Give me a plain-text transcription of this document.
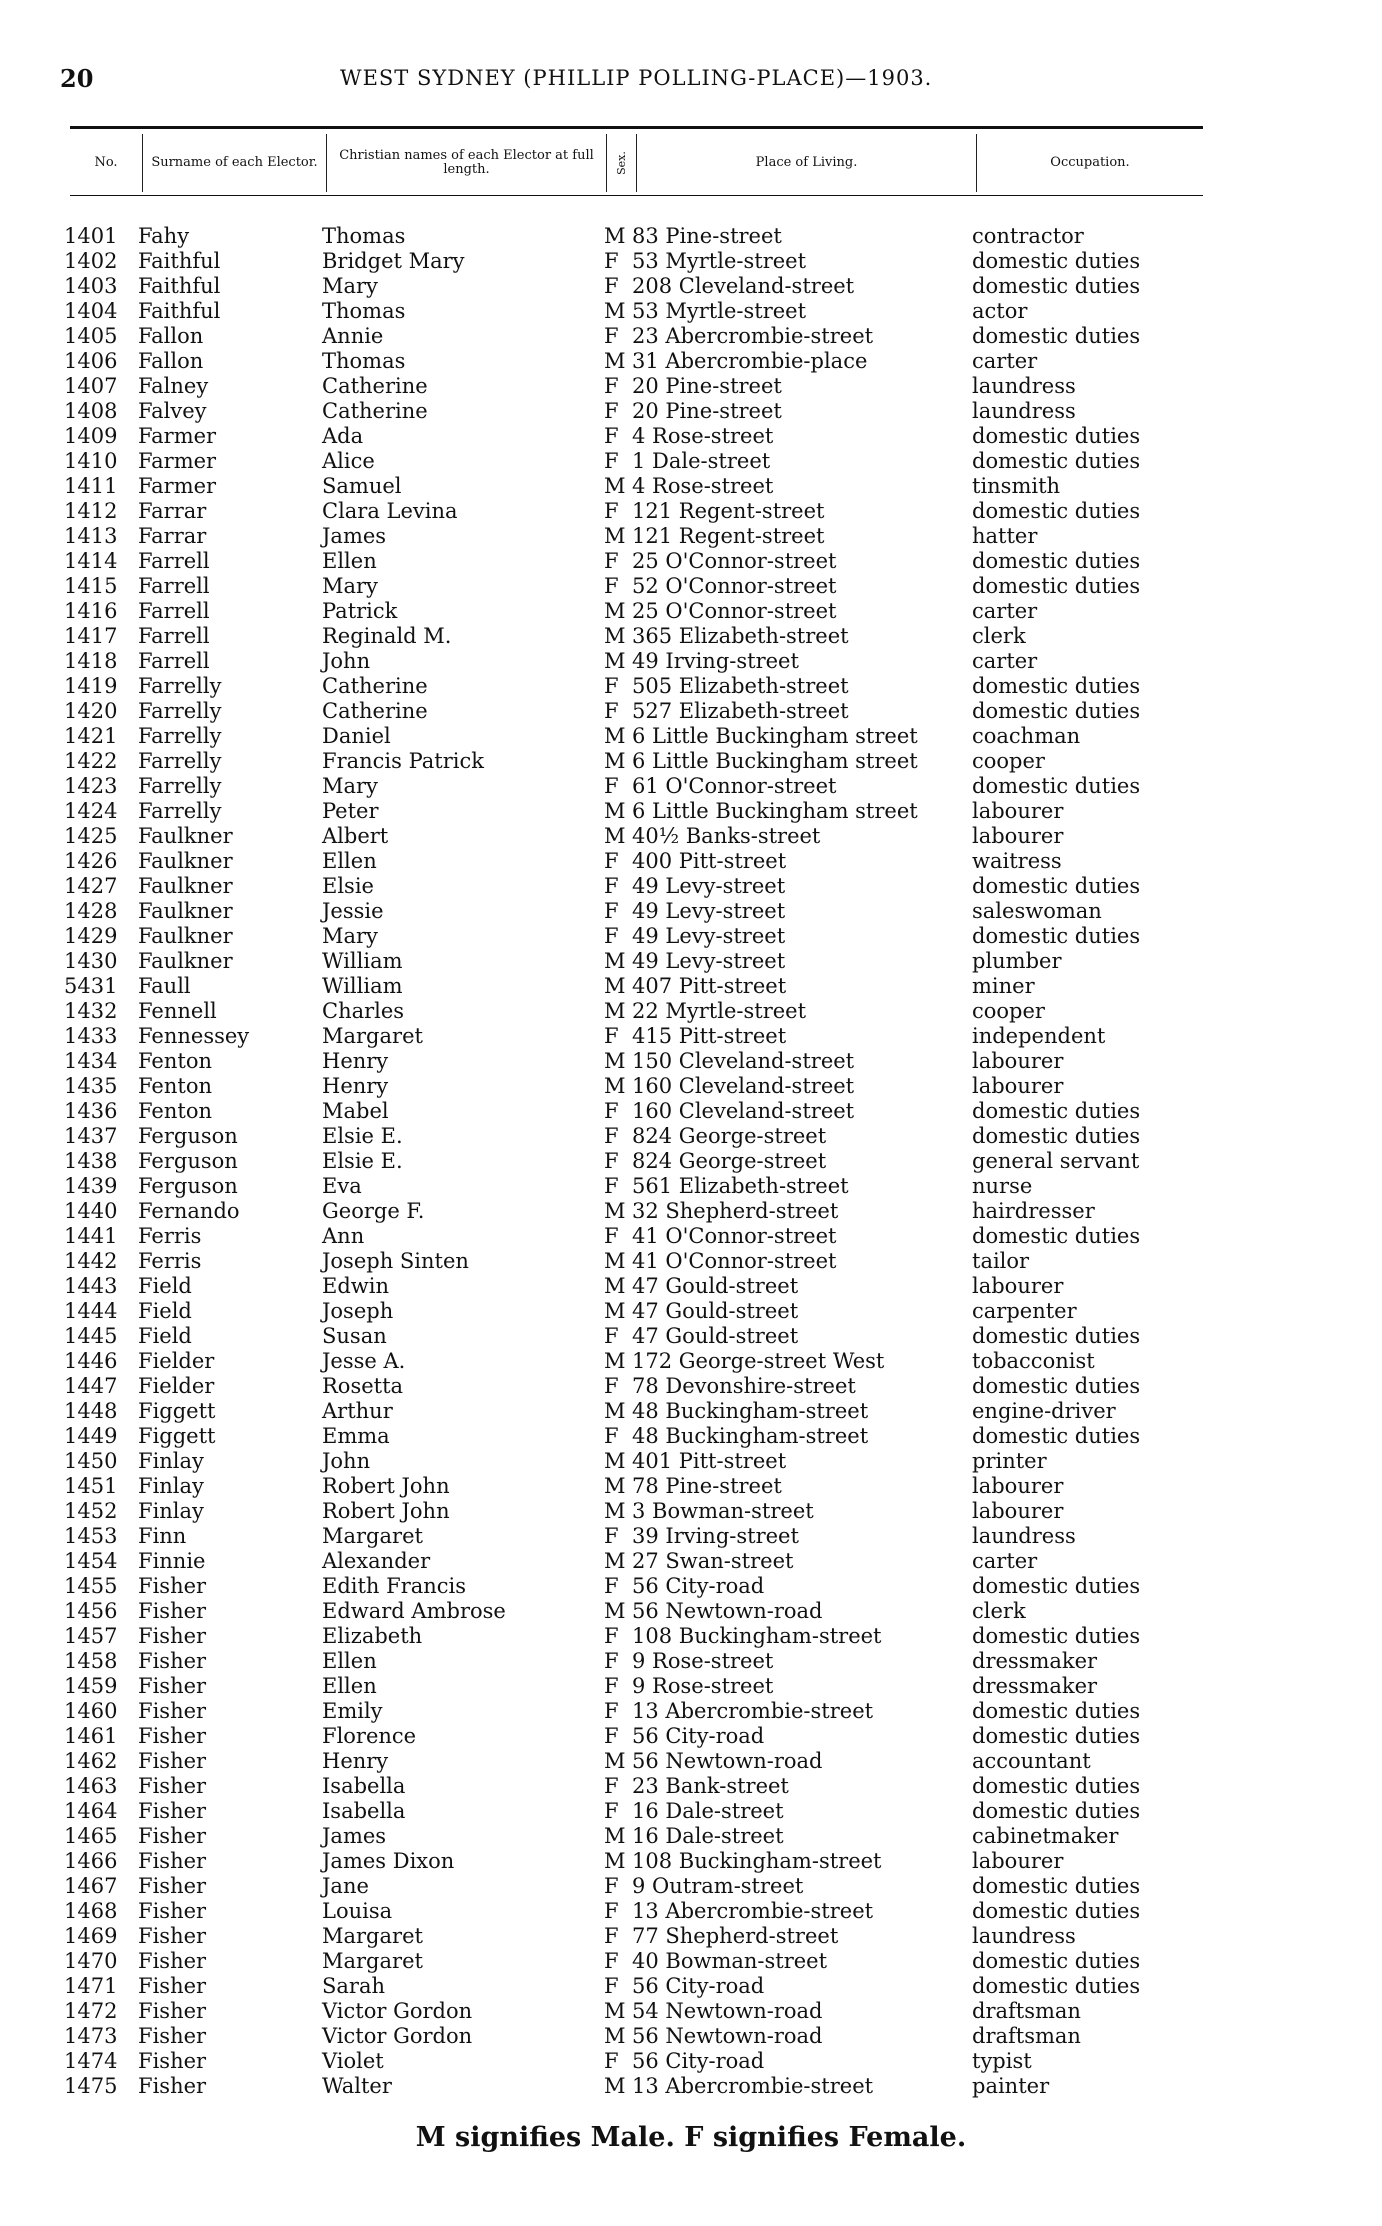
20	WEST SYDNEY (PHILLIP POLLING-PLACE)—1903.
No.	Surname of each Elector.	Christian names of each Elector at full length.	Sex.	Place of Living.	Occupation.
1401 Fahy	Thomas	M 83 Pine-street	contractor
1402 Faithful	Bridget Mary	F 53 Myrtle-street	domestic duties
1403 Faithful	Mary	F 208 Cleveland-street	domestic duties
1404 Faithful	Thomas	M 53 Myrtle-street	actor
1405 Fallon	Annie	F 23 Abercrombie-street	domestic duties
1406 Fallon	Thomas	M 31 Abercrombie-place	carter
1407 Falney	Catherine	F 20 Pine-street	laundress
1408 Falvey	Catherine	F 20 Pine-street	laundress
1409 Farmer	Ada	F 4 Rose-street	domestic duties
1410 Farmer	Alice	F 1 Dale-street	domestic duties
1411 Farmer	Samuel	M 4 Rose-street	tinsmith
1412 Farrar	Clara Levina	F 121 Regent-street	domestic duties
1413 Farrar	James	M 121 Regent-street	hatter
1414 Farrell	Ellen	F 25 O'Connor-street	domestic duties
1415 Farrell	Mary	F 52 O'Connor-street	domestic duties
1416 Farrell	Patrick	M 25 O'Connor-street	carter
1417 Farrell	Reginald M.	M 365 Elizabeth-street	clerk
1418 Farrell	John	M 49 Irving-street	carter
1419 Farrelly	Catherine	F 505 Elizabeth-street	domestic duties
1420 Farrelly	Catherine	F 527 Elizabeth-street	domestic duties
1421 Farrelly	Daniel	M 6 Little Buckingham street	coachman
1422 Farrelly	Francis Patrick	M 6 Little Buckingham street	cooper
1423 Farrelly	Mary	F 61 O'Connor-street	domestic duties
1424 Farrelly	Peter	M 6 Little Buckingham street	labourer
1425 Faulkner	Albert	M 40½ Banks-street	labourer
1426 Faulkner	Ellen	F 400 Pitt-street	waitress
1427 Faulkner	Elsie	F 49 Levy-street	domestic duties
1428 Faulkner	Jessie	F 49 Levy-street	saleswoman
1429 Faulkner	Mary	F 49 Levy-street	domestic duties
1430 Faulkner	William	M 49 Levy-street	plumber
5431 Faull	William	M 407 Pitt-street	miner
1432 Fennell	Charles	M 22 Myrtle-street	cooper
1433 Fennessey	Margaret	F 415 Pitt-street	independent
1434 Fenton	Henry	M 150 Cleveland-street	labourer
1435 Fenton	Henry	M 160 Cleveland-street	labourer
1436 Fenton	Mabel	F 160 Cleveland-street	domestic duties
1437 Ferguson	Elsie E.	F 824 George-street	domestic duties
1438 Ferguson	Elsie E.	F 824 George-street	general servant
1439 Ferguson	Eva	F 561 Elizabeth-street	nurse
1440 Fernando	George F.	M 32 Shepherd-street	hairdresser
1441 Ferris	Ann	F 41 O'Connor-street	domestic duties
1442 Ferris	Joseph Sinten	M 41 O'Connor-street	tailor
1443 Field	Edwin	M 47 Gould-street	labourer
1444 Field	Joseph	M 47 Gould-street	carpenter
1445 Field	Susan	F 47 Gould-street	domestic duties
1446 Fielder	Jesse A.	M 172 George-street West	tobacconist
1447 Fielder	Rosetta	F 78 Devonshire-street	domestic duties
1448 Figgett	Arthur	M 48 Buckingham-street	engine-driver
1449 Figgett	Emma	F 48 Buckingham-street	domestic duties
1450 Finlay	John	M 401 Pitt-street	printer
1451 Finlay	Robert John	M 78 Pine-street	labourer
1452 Finlay	Robert John	M 3 Bowman-street	labourer
1453 Finn	Margaret	F 39 Irving-street	laundress
1454 Finnie	Alexander	M 27 Swan-street	carter
1455 Fisher	Edith Francis	F 56 City-road	domestic duties
1456 Fisher	Edward Ambrose	M 56 Newtown-road	clerk
1457 Fisher	Elizabeth	F 108 Buckingham-street	domestic duties
1458 Fisher	Ellen	F 9 Rose-street	dressmaker
1459 Fisher	Ellen	F 9 Rose-street	dressmaker
1460 Fisher	Emily	F 13 Abercrombie-street	domestic duties
1461 Fisher	Florence	F 56 City-road	domestic duties
1462 Fisher	Henry	M 56 Newtown-road	accountant
1463 Fisher	Isabella	F 23 Bank-street	domestic duties
1464 Fisher	Isabella	F 16 Dale-street	domestic duties
1465 Fisher	James	M 16 Dale-street	cabinetmaker
1466 Fisher	James Dixon	M 108 Buckingham-street	labourer
1467 Fisher	Jane	F 9 Outram-street	domestic duties
1468 Fisher	Louisa	F 13 Abercrombie-street	domestic duties
1469 Fisher	Margaret	F 77 Shepherd-street	laundress
1470 Fisher	Margaret	F 40 Bowman-street	domestic duties
1471 Fisher	Sarah	F 56 City-road	domestic duties
1472 Fisher	Victor Gordon	M 54 Newtown-road	draftsman
1473 Fisher	Victor Gordon	M 56 Newtown-road	draftsman
1474 Fisher	Violet	F 56 City-road	typist
1475 Fisher	Walter	M 13 Abercrombie-street	painter
M signifies Male. F signifies Female.
